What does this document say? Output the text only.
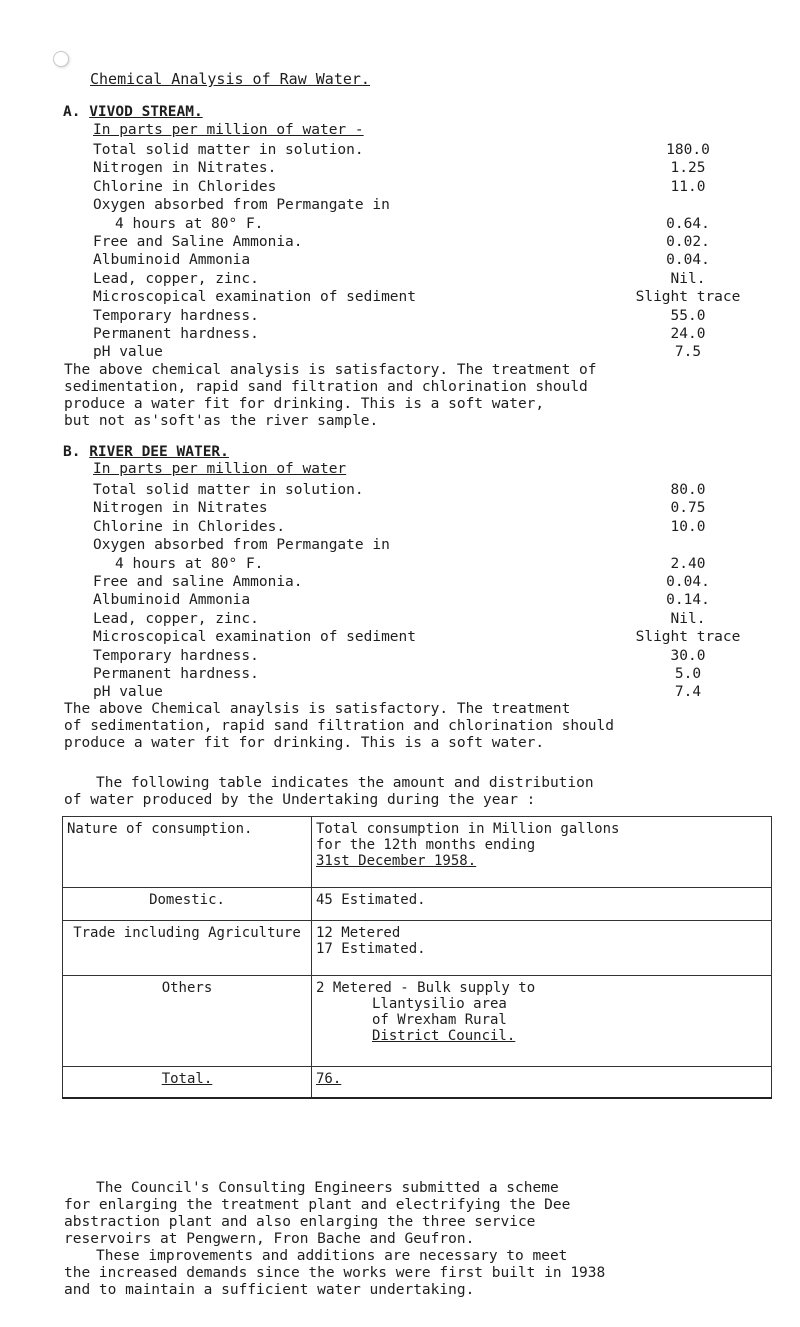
Chemical Analysis of Raw Water.
A. VIVOD STREAM.
In parts per million of water -
Total solid matter in solution.	180.0
Nitrogen in Nitrates.	1.25
Chlorine in Chlorides	11.0
Oxygen absorbed from Permangate in
4 hours at 80° F.	0.64.
Free and Saline Ammonia.	0.02.
Albuminoid Ammonia	0.04.
Lead, copper, zinc.	Nil.
Microscopical examination of sediment	Slight trace
Temporary hardness.	55.0
Permanent hardness.	24.0
pH value	7.5

The above chemical analysis is satisfactory. The treatment of

sedimentation, rapid sand filtration and chlorination should

produce a water fit for drinking. This is a soft water,

but not as'soft'as the river sample.

B. RIVER DEE WATER.
In parts per million of water
Total solid matter in solution.	80.0
Nitrogen in Nitrates	0.75
Chlorine in Chlorides.	10.0
Oxygen absorbed from Permangate in
4 hours at 80° F.	2.40
Free and saline Ammonia.	0.04.
Albuminoid Ammonia	0.14.
Lead, copper, zinc.	Nil.
Microscopical examination of sediment	Slight trace
Temporary hardness.	30.0
Permanent hardness.	5.0
pH value	7.4

The above Chemical anaylsis is satisfactory. The treatment

of sedimentation, rapid sand filtration and chlorination should

produce a water fit for drinking. This is a soft water.

The following table indicates the amount and distribution

of water produced by the Undertaking during the year :

Nature of consumption.	Total consumption in Million gallons
for the 12th months ending
31st December 1958.

Domestic.	45 Estimated.

Trade including Agriculture	12 Metered
17 Estimated.

Others	2 Metered - Bulk supply to
Llantysilio area
of Wrexham Rural
District Council.

Total.	76.

The Council's Consulting Engineers submitted a scheme

for enlarging the treatment plant and electrifying the Dee

abstraction plant and also enlarging the three service

reservoirs at Pengwern, Fron Bache and Geufron.

These improvements and additions are necessary to meet

the increased demands since the works were first built in 1938

and to maintain a sufficient water undertaking.
